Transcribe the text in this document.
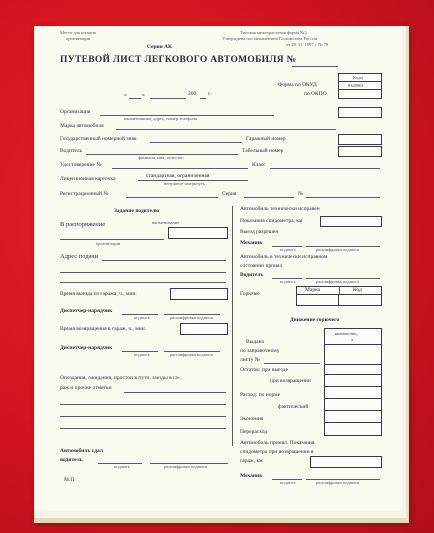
Место для штампа
организации
Типовая межотраслевая форма №3
Утверждена постановлением Госкомстата России
от 28. 11. 1997 г. № 78
Серия АК
ПУТЕВОЙ ЛИСТ ЛЕГКОВОГО АВТОМОБИЛЯ №
«	»	200 г.
Коды
Форма по ОКУД	0345001
по ОКПО
Организация
наименование, адрес, номер телефона
Марка автомобиля
Государственный номерной знак	Гаражный номер
Водитель
фамилия, имя, отчество
Табельный номер
Удостоверение №	Класс
Лицензионная карточка	стандартная, ограниченная
ненужное зачеркнуть
Регистрационный №	Серия	№
Задание водителю
В распоряжение	наименование
организации
Адрес подачи
Время выезда из гаража, ч., мин.
Диспетчер-нарядчик
подпись	расшифровка подписи
Время возвращения в гараж, ч., мин.
Диспетчер-нарядчик
подпись	расшифровка подписи
Опоздания, ожидания, простои в пути, заезды в га-
раж и прочие отметки
Автомобиль сдал
водитель
подпись	расшифровка подписи
М.П.
Автомобиль технически исправен
Показания спидометра, км
Выезд разрешен
Механик
подпись	расшифровка подписи
Автомобиль в технически исправном
состоянии принял
Водитель
подпись	расшифровка подписи
Горючее
Марка	Код
Движение горючего
количество,
л
Выдано
по заправочному
листу №
Остаток: при выезде
при возвращении
Расход: по норме
фактический
Экономия
Перерасход
Автомобиль принял. Показания
спидометра при возвращении в
гараж, км
Механик
подпись	расшифровка подписи
